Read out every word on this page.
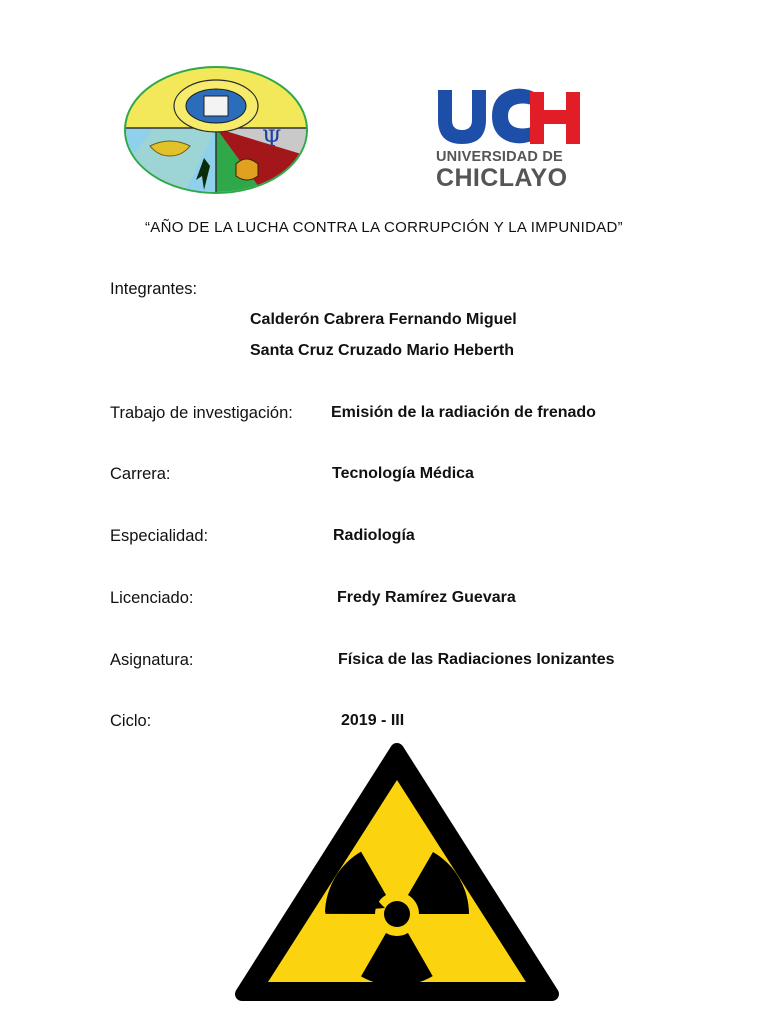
Ψ
UNIVERSIDAD DE
CHICLAYO
“AÑO DE LA LUCHA CONTRA LA CORRUPCIÓN Y LA IMPUNIDAD”
Integrantes:
Calderón Cabrera Fernando Miguel
Santa Cruz Cruzado Mario Heberth
Trabajo de investigación: Emisión de la radiación de frenado
Carrera:	Tecnología Médica
Especialidad:	Radiología
Licenciado:	Fredy Ramírez Guevara
Asignatura:	Física de las Radiaciones Ionizantes
Ciclo:	2019 - III
